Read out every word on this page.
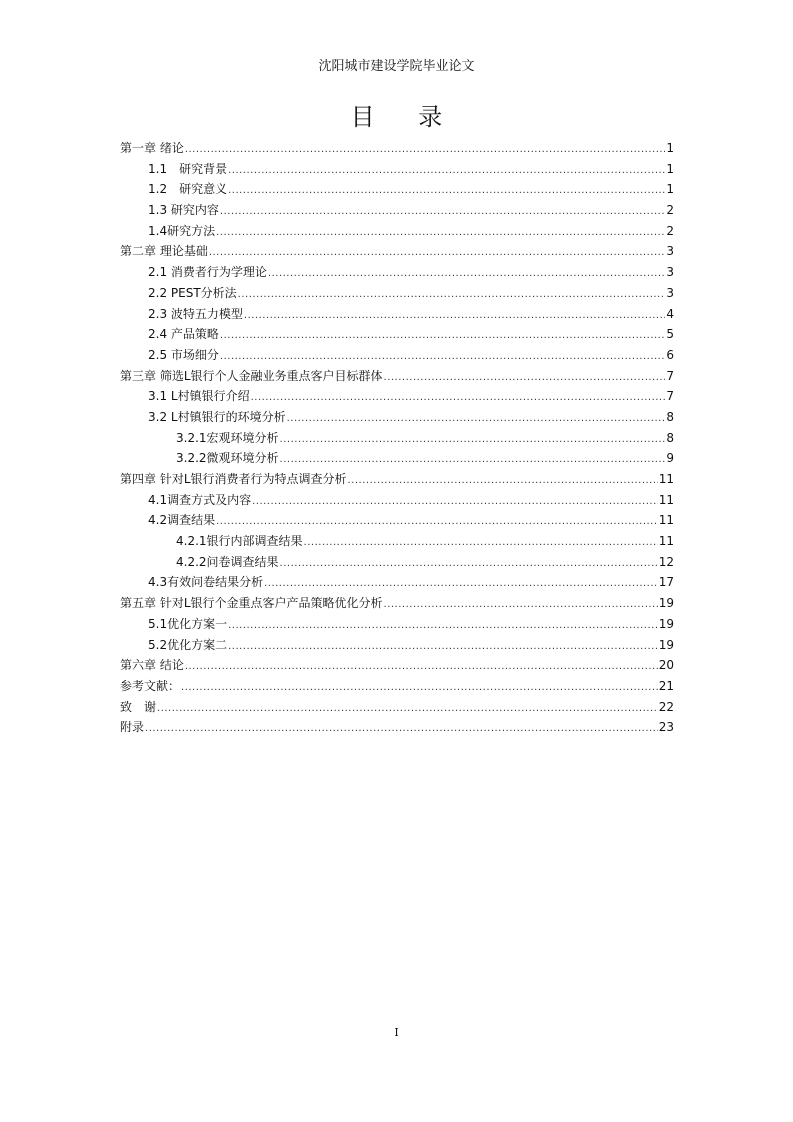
沈阳城市建设学院毕业论文
目 录
第一章 绪论 .....	1
1.1　研究背景 .....	1
1.2　研究意义 .....	1
1.3 研究内容 .....	2
1.4研究方法 .....	2
第二章 理论基础 .....	3
2.1 消费者行为学理论 .....	3
2.2 PEST分析法 .....	3
2.3 波特五力模型 .....	4
2.4 产品策略 .....	5
2.5 市场细分 .....	6
第三章 筛选L银行个人金融业务重点客户目标群体 .....	7
3.1 L村镇银行介绍 .....	7
3.2 L村镇银行的环境分析 .....	8
3.2.1宏观环境分析 .....	8
3.2.2微观环境分析 .....	9
第四章 针对L银行消费者行为特点调查分析 .....	11
4.1调查方式及内容 .....	11
4.2调查结果 .....	11
4.2.1银行内部调查结果 .....	11
4.2.2问卷调查结果 .....	12
4.3有效问卷结果分析 .....	17
第五章 针对L银行个金重点客户产品策略优化分析 .....	19
5.1优化方案一 .....	19
5.2优化方案二 .....	19
第六章 结论 .....	20
参考文献： .....	21
致　谢 .....	22
附录 .....	23
I
